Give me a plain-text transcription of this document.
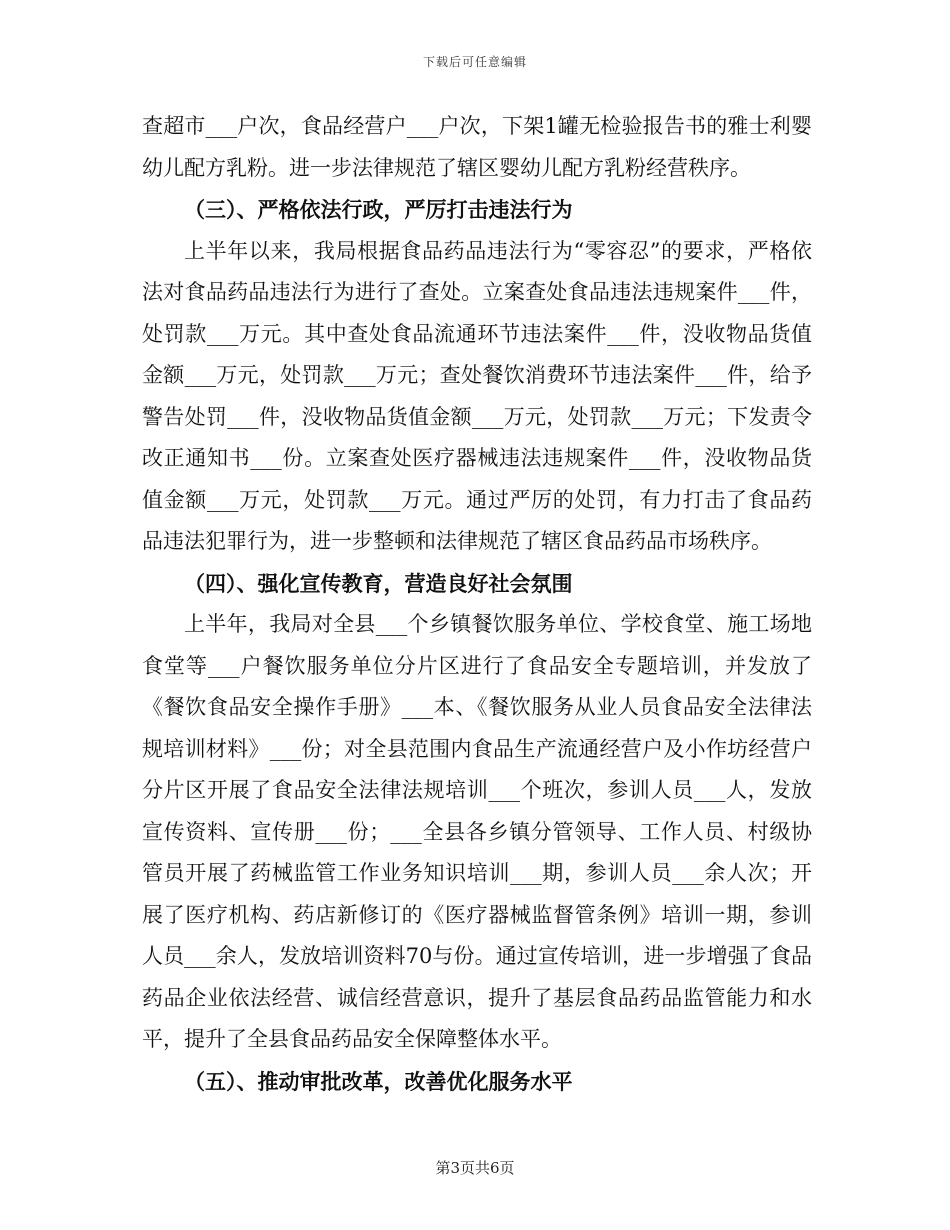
下载后可任意编辑

查超市___户次，食品经营户___户次，下架1罐无检验报告书的雅士利婴幼儿配方乳粉。进一步法律规范了辖区婴幼儿配方乳粉经营秩序。

（三）、严格依法行政，严厉打击违法行为

上半年以来，我局根据食品药品违法行为“零容忍”的要求，严格依法对食品药品违法行为进行了查处。立案查处食品违法违规案件___件，处罚款___万元。其中查处食品流通环节违法案件___件，没收物品货值金额___万元，处罚款___万元；查处餐饮消费环节违法案件___件，给予警告处罚___件，没收物品货值金额___万元，处罚款___万元；下发责令改正通知书___份。立案查处医疗器械违法违规案件___件，没收物品货值金额___万元，处罚款___万元。通过严厉的处罚，有力打击了食品药品违法犯罪行为，进一步整顿和法律规范了辖区食品药品市场秩序。

（四）、强化宣传教育，营造良好社会氛围

上半年，我局对全县___个乡镇餐饮服务单位、学校食堂、施工场地食堂等___户餐饮服务单位分片区进行了食品安全专题培训，并发放了《餐饮食品安全操作手册》___本、《餐饮服务从业人员食品安全法律法规培训材料》___份；对全县范围内食品生产流通经营户及小作坊经营户分片区开展了食品安全法律法规培训___个班次，参训人员___人，发放宣传资料、宣传册___份；___全县各乡镇分管领导、工作人员、村级协管员开展了药械监管工作业务知识培训___期，参训人员___余人次；开展了医疗机构、药店新修订的《医疗器械监督管条例》培训一期，参训人员___余人，发放培训资料70与份。通过宣传培训，进一步增强了食品药品企业依法经营、诚信经营意识，提升了基层食品药品监管能力和水平，提升了全县食品药品安全保障整体水平。

（五）、推动审批改革，改善优化服务水平

第3页共6页
